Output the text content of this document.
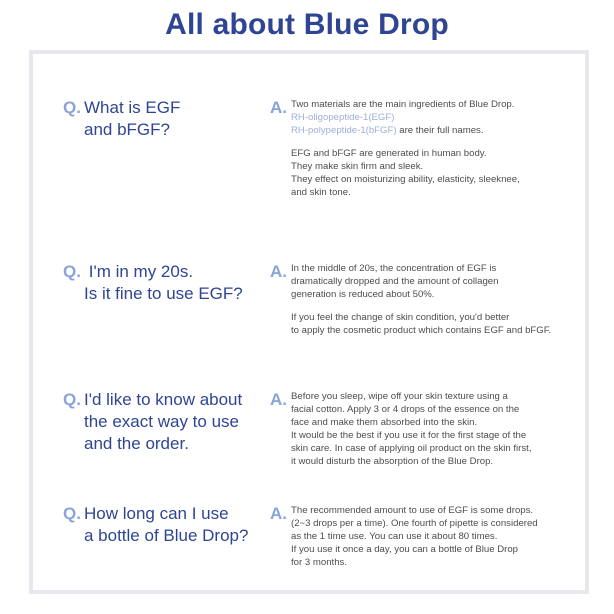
All about Blue Drop
Q. What is EGF
and bFGF?
A. Two materials are the main ingredients of Blue Drop.
RH-oligopeptide-1(EGF)
RH-polypeptide-1(bFGF) are their full names.

EFG and bFGF are generated in human body.
They make skin firm and sleek.
They effect on moisturizing ability, elasticity, sleeknee,
and skin tone.

Q. I'm in my 20s.
Is it fine to use EGF?
A. In the middle of 20s, the concentration of EGF is
dramatically dropped and the amount of collagen
generation is reduced about 50%.

If you feel the change of skin condition, you'd better
to apply the cosmetic product which contains EGF and bFGF.

Q. I'd like to know about
the exact way to use
and the order.
A. Before you sleep, wipe off your skin texture using a
facial cotton. Apply 3 or 4 drops of the essence on the
face and make them absorbed into the skin.
It would be the best if you use it for the first stage of the
skin care. In case of applying oil product on the skin first,
it would disturb the absorption of the Blue Drop.

Q. How long can I use
a bottle of Blue Drop?
A. The recommended amount to use of EGF is some drops.
(2~3 drops per a time). One fourth of pipette is considered
as the 1 time use. You can use it about 80 times.
If you use it once a day, you can a bottle of Blue Drop
for 3 months.
